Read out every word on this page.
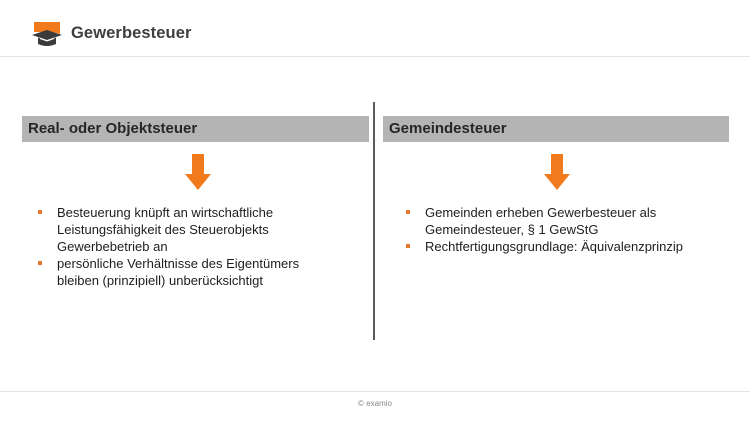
Gewerbesteuer
Real- oder Objektsteuer	Gemeindesteuer
Besteuerung knüpft an wirtschaftliche Leistungsfähigkeit des Steuerobjekts Gewerbebetrieb an
persönliche Verhältnisse des Eigentümers bleiben (prinzipiell) unberücksichtigt
Gemeinden erheben Gewerbesteuer als Gemeindesteuer, § 1 GewStG
Rechtfertigungsgrundlage: Äquivalenzprinzip
© examio
